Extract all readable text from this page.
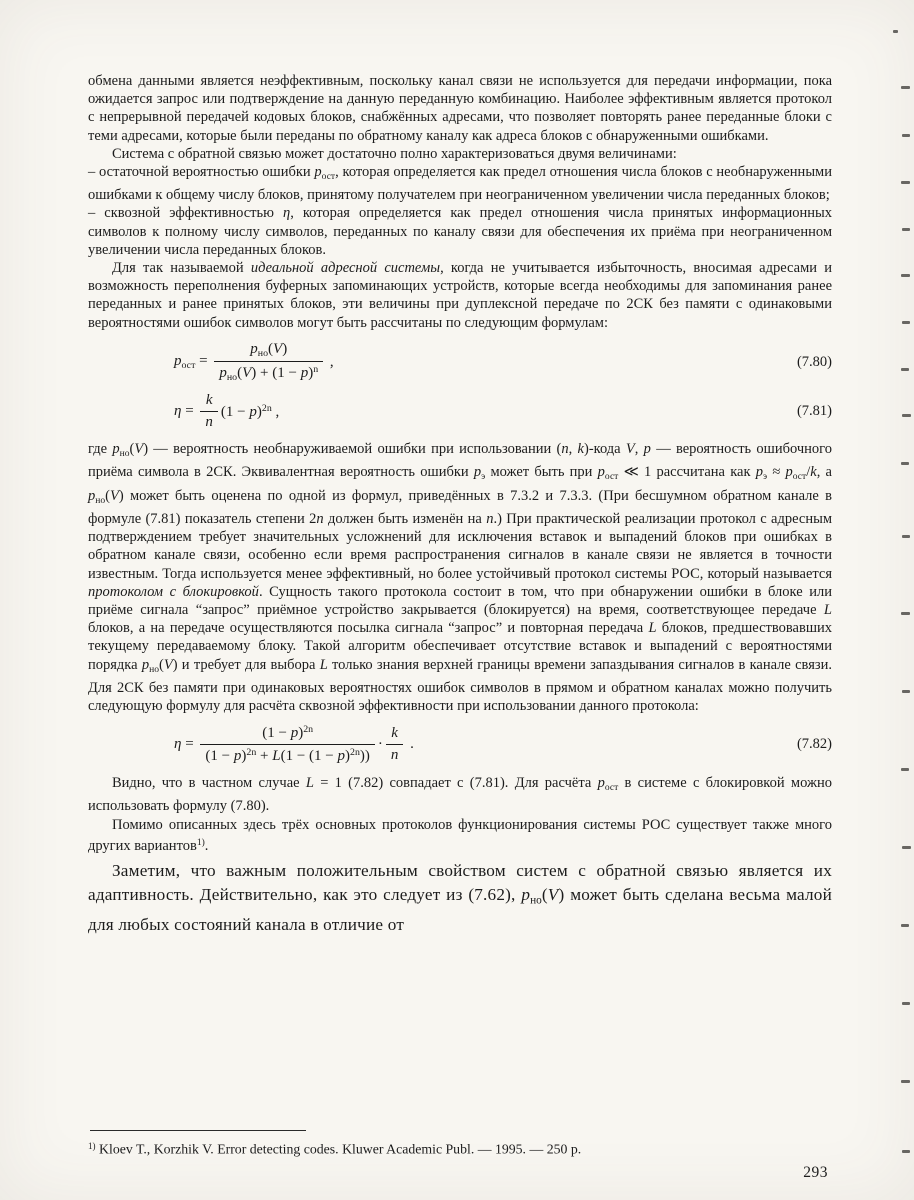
обмена данными является неэффективным, поскольку канал связи не используется для передачи информации, пока ожидается запрос или подтверждение на данную переданную комбинацию. Наиболее эффективным является протокол с непрерывной передачей кодовых блоков, снабжённых адресами, что позволяет повторять ранее переданные блоки с теми адресами, которые были переданы по обратному каналу как адреса блоков с обнаруженными ошибками.

Система с обратной связью может достаточно полно характеризоваться двумя величинами:

– остаточной вероятностью ошибки $p_{ост}$, которая определяется как предел отношения числа блоков с необнаруженными ошибками к общему числу блоков, принятому получателем при неограниченном увеличении числа переданных блоков;

– сквозной эффективностью η, которая определяется как предел отношения числа принятых информационных символов к полному числу символов, переданных по каналу связи для обеспечения их приёма при неограниченном увеличении числа переданных блоков.

Для так называемой идеальной адресной системы, когда не учитывается избыточность, вносимая адресами и возможность переполнения буферных запоминающих устройств, которые всегда необходимы для запоминания ранее переданных и ранее принятых блоков, эти величины при дуплексной передаче по 2СК без памяти с одинаковыми вероятностями ошибок символов могут быть рассчитаны по следующим формулам:

$p_{ост} = \frac{p_{но}(V)}{p_{но}(V) + (1 - p)^n}$ ,	(7.80)
$\eta = \frac{k}{n} (1 - p)^{2n}$ ,	(7.81)

где $p_{но}(V)$ — вероятность необнаруживаемой ошибки при использовании (n, k)-кода V, p — вероятность ошибочного приёма символа в 2СК. Эквивалентная вероятность ошибки $p_э$ может быть при $p_{ост}$ ≪ 1 рассчитана как $p_э \approx p_{ост}/k$, а $p_{но}(V)$ может быть оценена по одной из формул, приведённых в 7.3.2 и 7.3.3. (При бесшумном обратном канале в формуле (7.81) показатель степени 2n должен быть изменён на n.) При практической реализации протокол с адресным подтверждением требует значительных усложнений для исключения вставок и выпадений блоков при ошибках в обратном канале связи, особенно если время распространения сигналов в канале связи не является в точности известным. Тогда используется менее эффективный, но более устойчивый протокол системы РОС, который называется протоколом с блокировкой. Сущность такого протокола состоит в том, что при обнаружении ошибки в блоке или приёме сигнала “запрос” приёмное устройство закрывается (блокируется) на время, соответствующее передаче L блоков, а на передаче осуществляются посылка сигнала “запрос” и повторная передача L блоков, предшествовавших текущему передаваемому блоку. Такой алгоритм обеспечивает отсутствие вставок и выпадений с вероятностями порядка $p_{но}(V)$ и требует для выбора L только знания верхней границы времени запаздывания сигналов в канале связи. Для 2СК без памяти при одинаковых вероятностях ошибок символов в прямом и обратном каналах можно получить следующую формулу для расчёта сквозной эффективности при использовании данного протокола:

$\eta = \frac{(1 - p)^{2n}}{(1 - p)^{2n} + L(1 - (1 - p)^{2n}))} \cdot \frac{k}{n}$ .	(7.82)

Видно, что в частном случае L = 1 (7.82) совпадает с (7.81). Для расчёта $p_{ост}$ в системе с блокировкой можно использовать формулу (7.80).

Помимо описанных здесь трёх основных протоколов функционирования системы РОС существует также много других вариантов$^{1)}$.

Заметим, что важным положительным свойством систем с обратной связью является их адаптивность. Действительно, как это следует из (7.62), $p_{но}(V)$ может быть сделана весьма малой для любых состояний канала в отличие от

$^{1)}$ Kloev T., Korzhik V. Error detecting codes. Kluwer Academic Publ. — 1995. — 250 p.

293
